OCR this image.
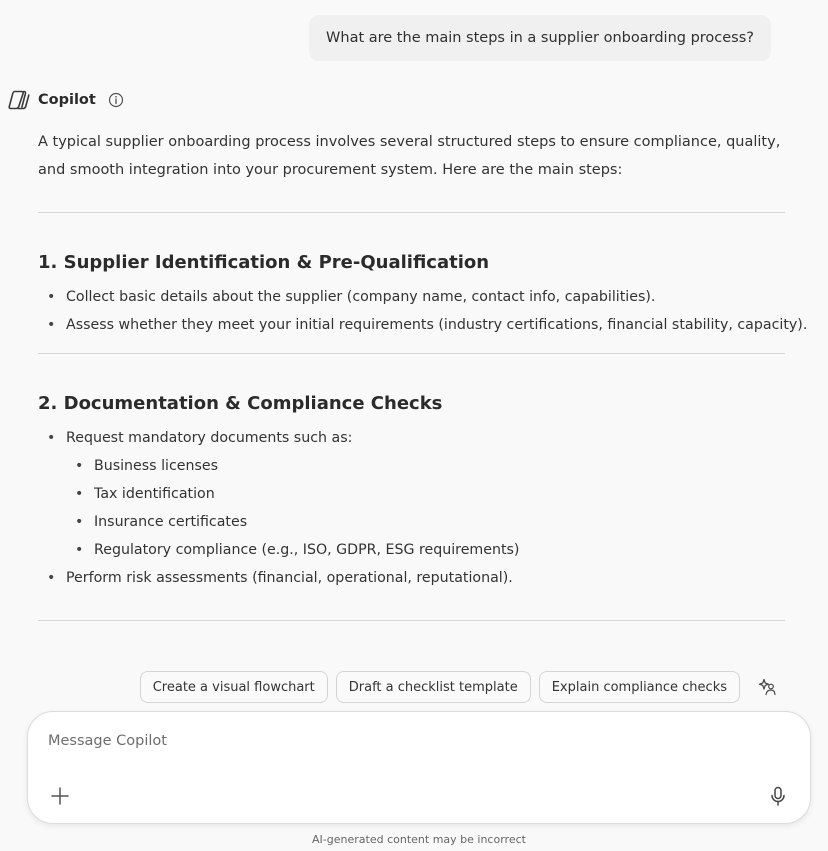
What are the main steps in a supplier onboarding process?
Copilot

A typical supplier onboarding process involves several structured steps to ensure compliance, quality, and smooth integration into your procurement system. Here are the main steps:

1. Supplier Identification & Pre-Qualification
• Collect basic details about the supplier (company name, contact info, capabilities).
• Assess whether they meet your initial requirements (industry certifications, financial stability, capacity).
2. Documentation & Compliance Checks
• Request mandatory documents such as:
• Business licenses
• Tax identification
• Insurance certificates
• Regulatory compliance (e.g., ISO, GDPR, ESG requirements)
• Perform risk assessments (financial, operational, reputational).
Create a visual flowchart	Draft a checklist template	Explain compliance checks
Message Copilot
AI-generated content may be incorrect
